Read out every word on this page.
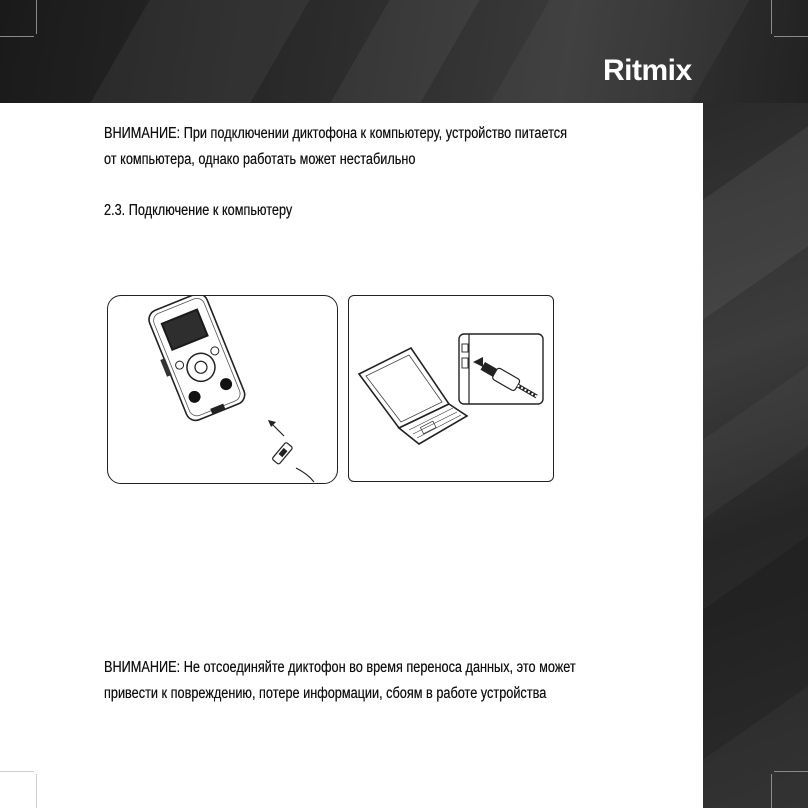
Ritmix
ВНИМАНИЕ: При подключении диктофона к компьютеру, устройство питается
от компьютера, однако работать может нестабильно
2.3. Подключение к компьютеру
ВНИМАНИЕ: Не отсоединяйте диктофон во время переноса данных, это может
привести к повреждению, потере информации, сбоям в работе устройства
